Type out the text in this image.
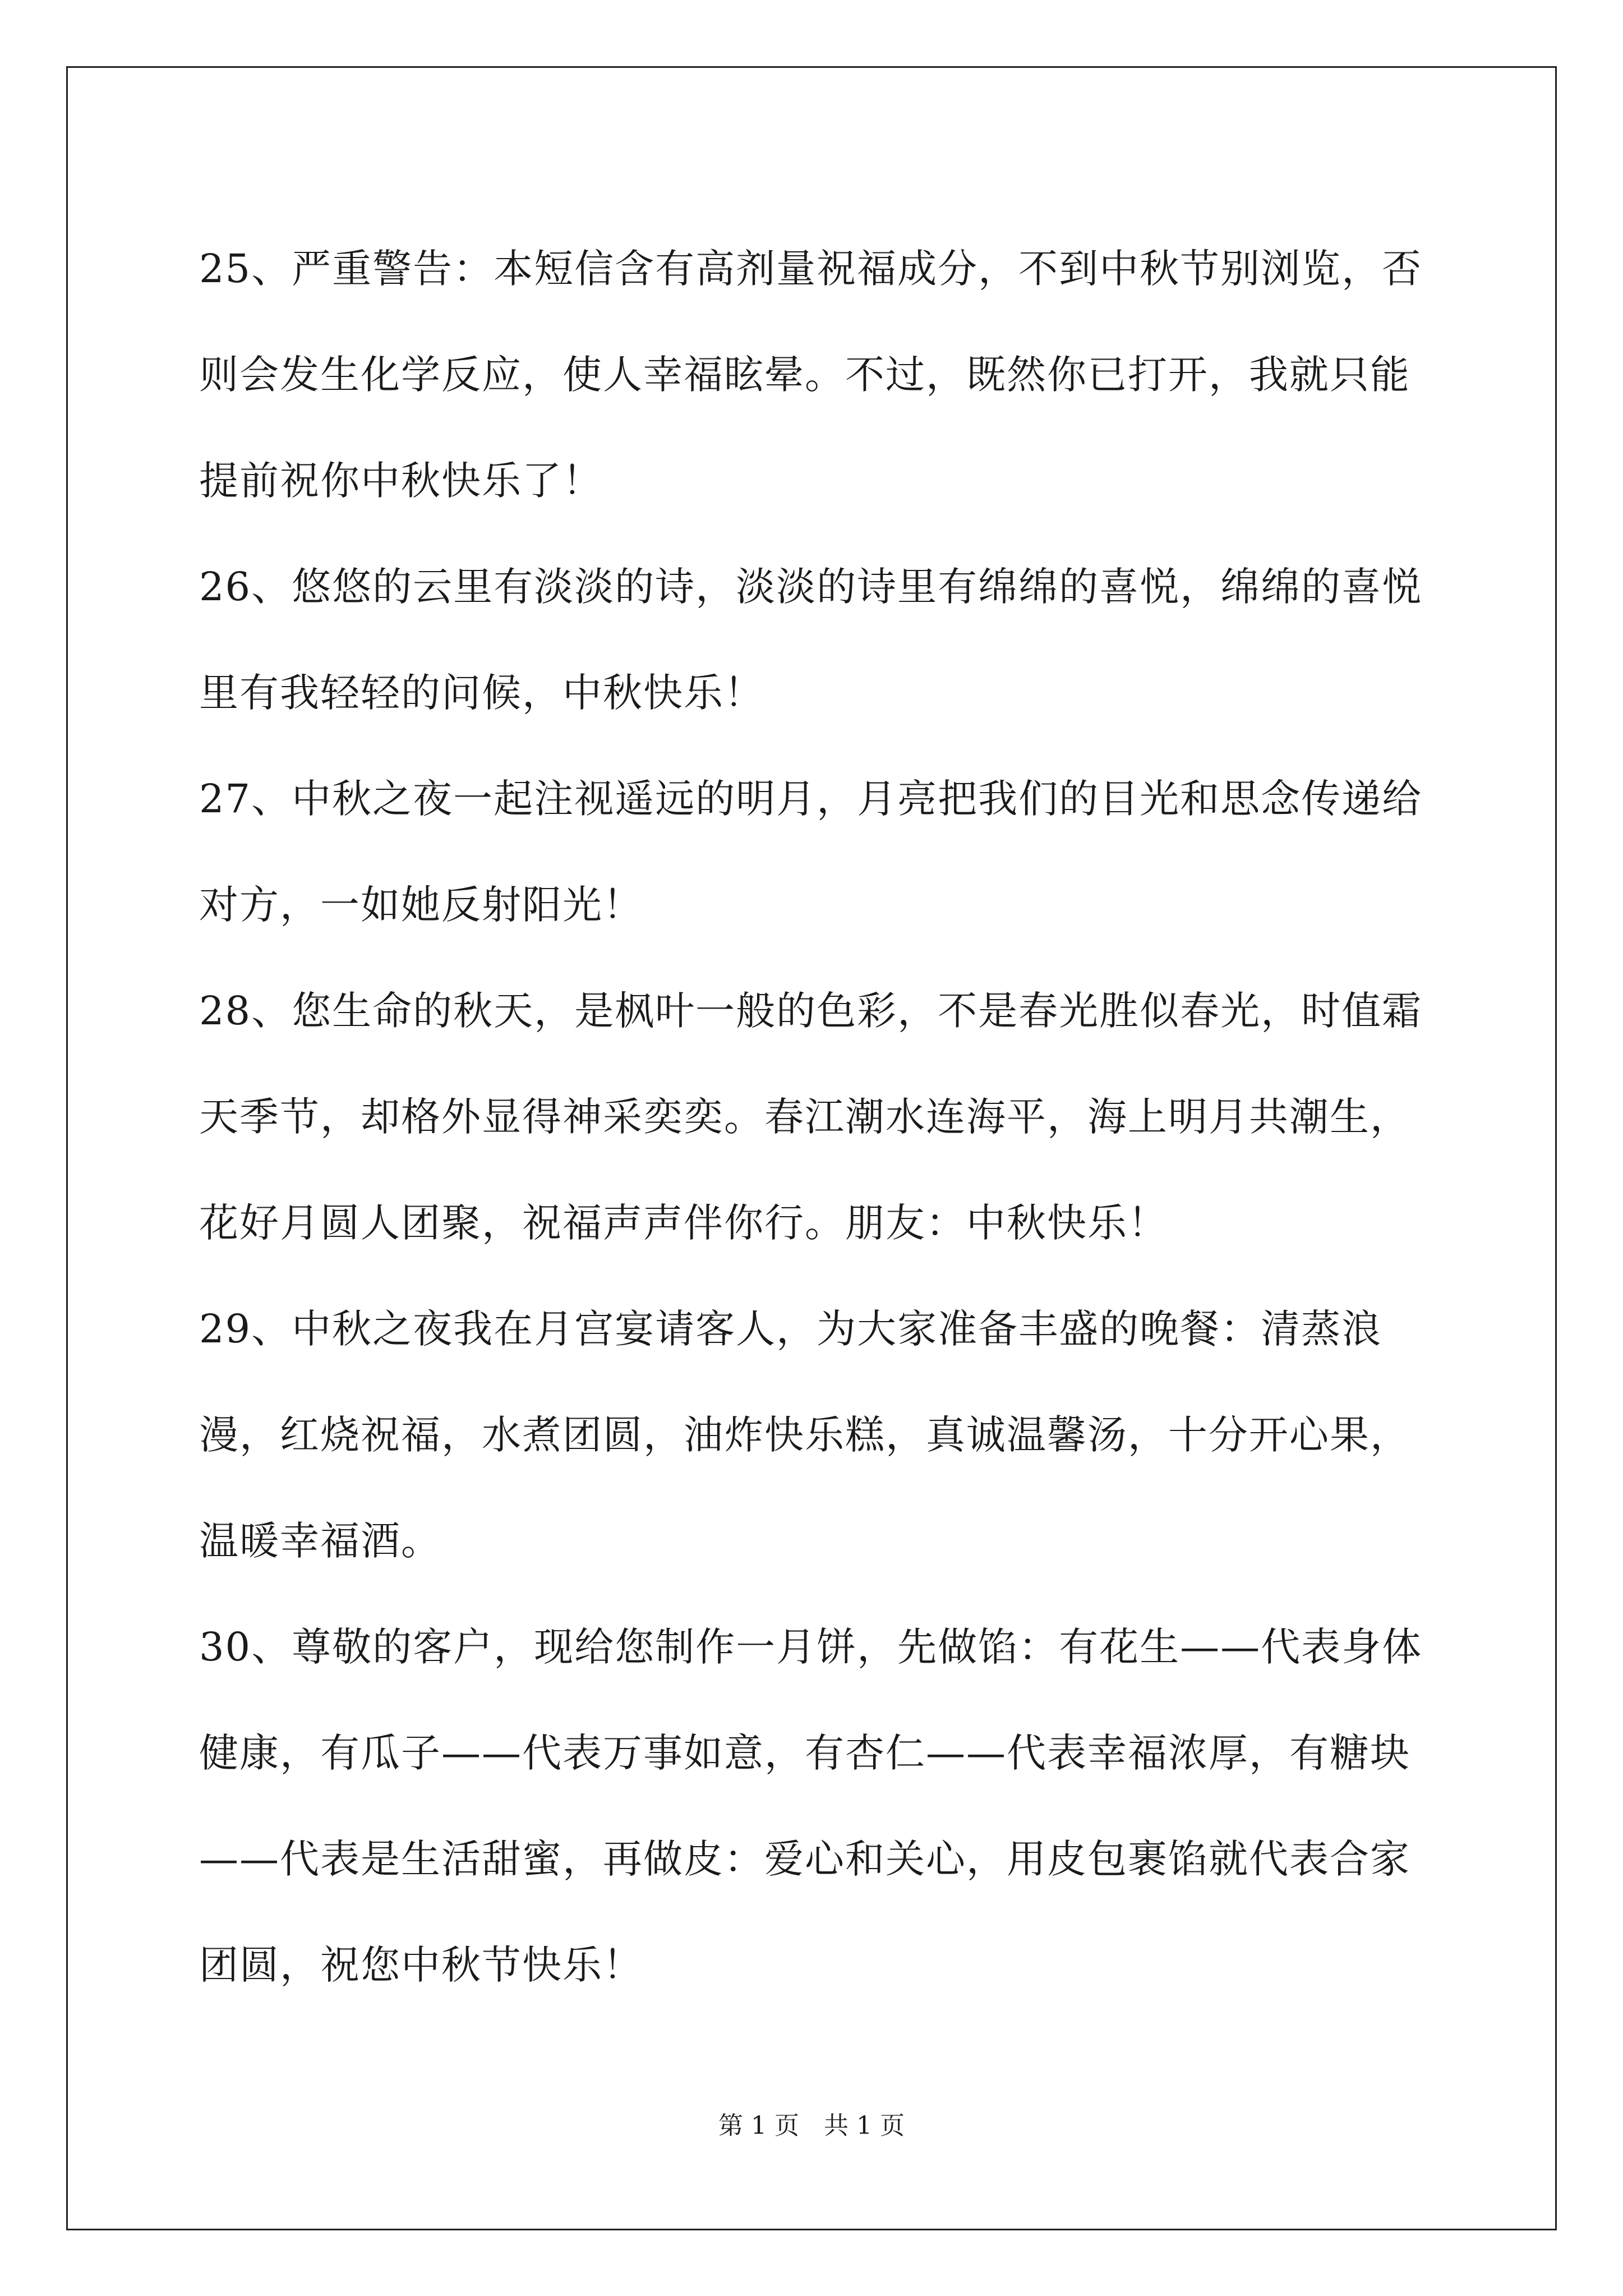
25、严重警告：本短信含有高剂量祝福成分，不到中秋节别浏览，否则会发生化学反应，使人幸福眩晕。不过，既然你已打开，我就只能提前祝你中秋快乐了！

26、悠悠的云里有淡淡的诗，淡淡的诗里有绵绵的喜悦，绵绵的喜悦里有我轻轻的问候，中秋快乐！

27、中秋之夜一起注视遥远的明月，月亮把我们的目光和思念传递给对方，一如她反射阳光！

28、您生命的秋天，是枫叶一般的色彩，不是春光胜似春光，时值霜天季节，却格外显得神采奕奕。春江潮水连海平，海上明月共潮生，花好月圆人团聚，祝福声声伴你行。朋友：中秋快乐！

29、中秋之夜我在月宫宴请客人，为大家准备丰盛的晚餐：清蒸浪漫，红烧祝福，水煮团圆，油炸快乐糕，真诚温馨汤，十分开心果，温暖幸福酒。

30、尊敬的客户，现给您制作一月饼，先做馅：有花生——代表身体健康，有瓜子——代表万事如意，有杏仁——代表幸福浓厚，有糖块——代表是生活甜蜜，再做皮：爱心和关心，用皮包裹馅就代表合家团圆，祝您中秋节快乐！

第 1 页　共 1 页
